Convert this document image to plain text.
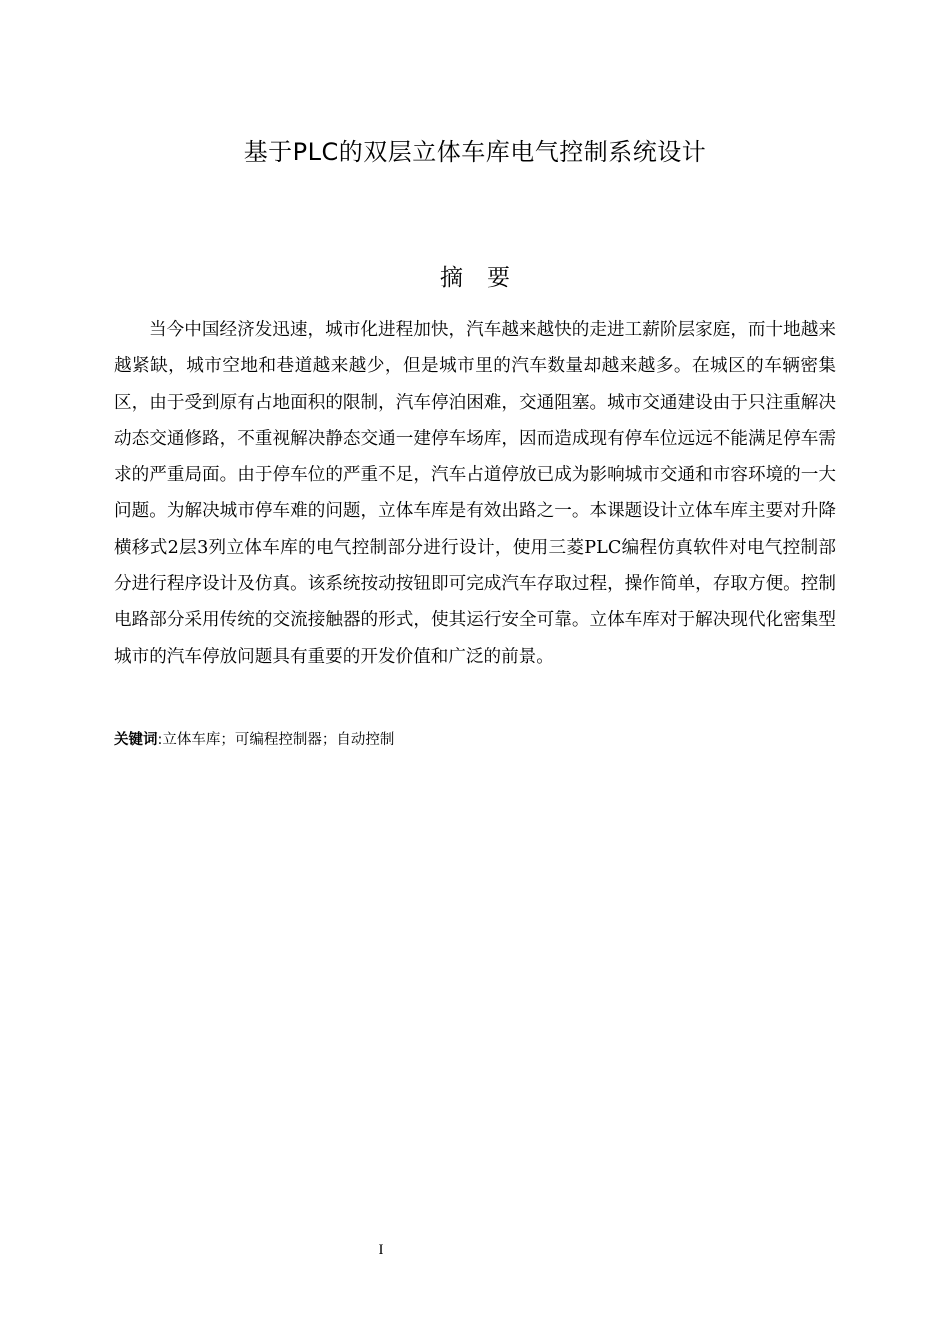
基于PLC的双层立体车库电气控制系统设计
摘要

当今中国经济发迅速，城市化进程加快，汽车越来越快的走进工薪阶层家庭，而十地越来越紧缺，城市空地和巷道越来越少，但是城市里的汽车数量却越来越多。在城区的车辆密集区，由于受到原有占地面积的限制，汽车停泊困难，交通阻塞。城市交通建设由于只注重解决动态交通修路，不重视解决静态交通一建停车场库，因而造成现有停车位远远不能满足停车需求的严重局面。由于停车位的严重不足，汽车占道停放已成为影响城市交通和市容环境的一大问题。为解决城市停车难的问题，立体车库是有效出路之一。本课题设计立体车库主要对升降横移式2层3列立体车库的电气控制部分进行设计，使用三菱PLC编程仿真软件对电气控制部分进行程序设计及仿真。该系统按动按钮即可完成汽车存取过程，操作简单，存取方便。控制电路部分采用传统的交流接触器的形式，使其运行安全可靠。立体车库对于解决现代化密集型城市的汽车停放问题具有重要的开发价值和广泛的前景。

关键词:立体车库；可编程控制器；自动控制
I
